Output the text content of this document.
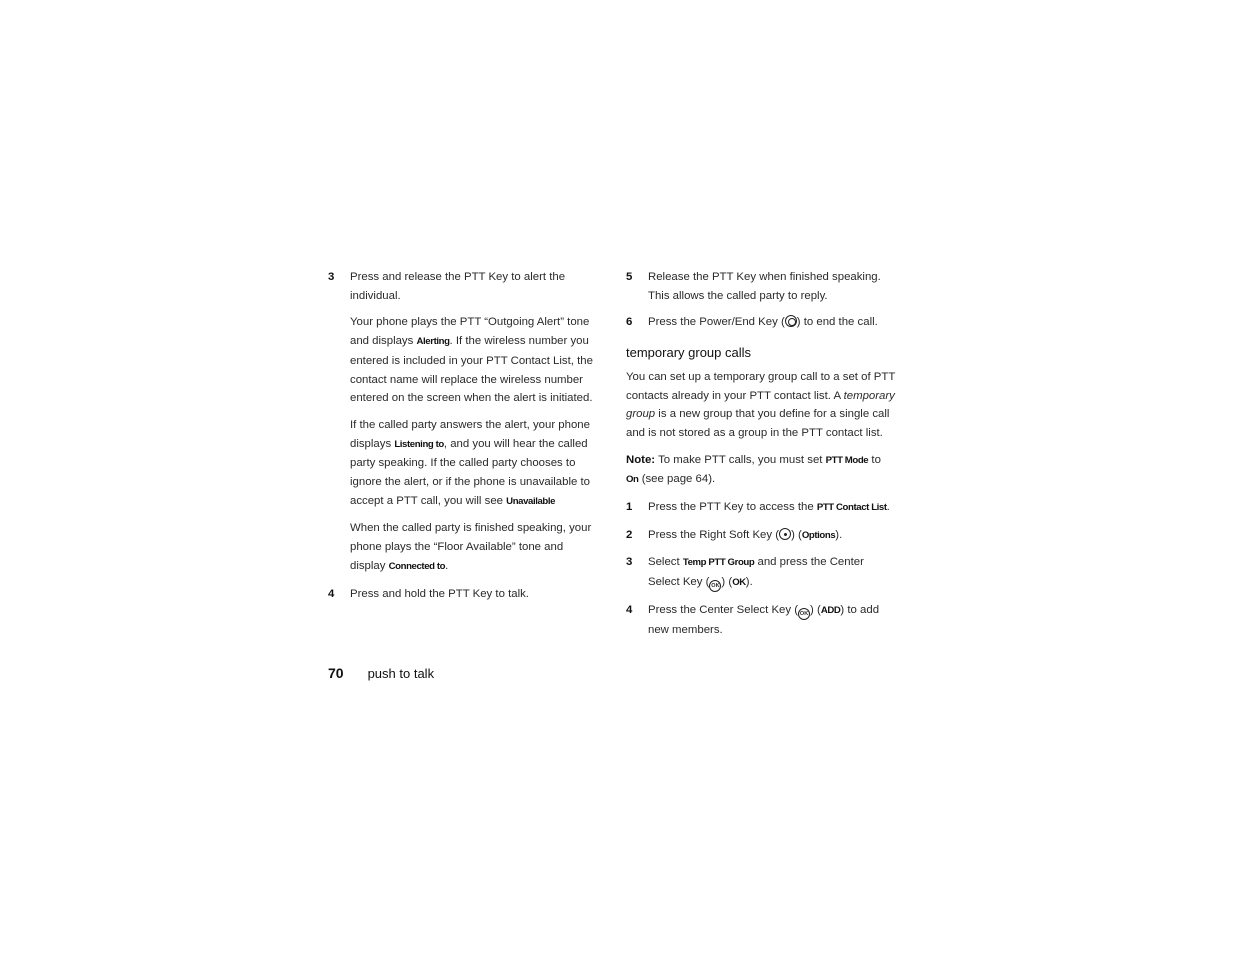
3 Press and release the PTT Key to alert the individual.
Your phone plays the PTT “Outgoing Alert” tone and displays Alerting. If the wireless number you entered is included in your PTT Contact List, the contact name will replace the wireless number entered on the screen when the alert is initiated.
If the called party answers the alert, your phone displays Listening to, and you will hear the called party speaking. If the called party chooses to ignore the alert, or if the phone is unavailable to accept a PTT call, you will see Unavailable
When the called party is finished speaking, your phone plays the “Floor Available” tone and display Connected to.
4 Press and hold the PTT Key to talk.
5 Release the PTT Key when finished speaking. This allows the called party to reply.
6 Press the Power/End Key ( ) to end the call.
temporary group calls
You can set up a temporary group call to a set of PTT contacts already in your PTT contact list. A temporary group is a new group that you define for a single call and is not stored as a group in the PTT contact list.
Note: To make PTT calls, you must set PTT Mode to On (see page 64).
1 Press the PTT Key to access the PTT Contact List.
2 Press the Right Soft Key ( ) (Options).
3 Select Temp PTT Group and press the Center Select Key ( OK ) (OK).
4 Press the Center Select Key ( OK ) (ADD) to add new members.
70 push to talk
